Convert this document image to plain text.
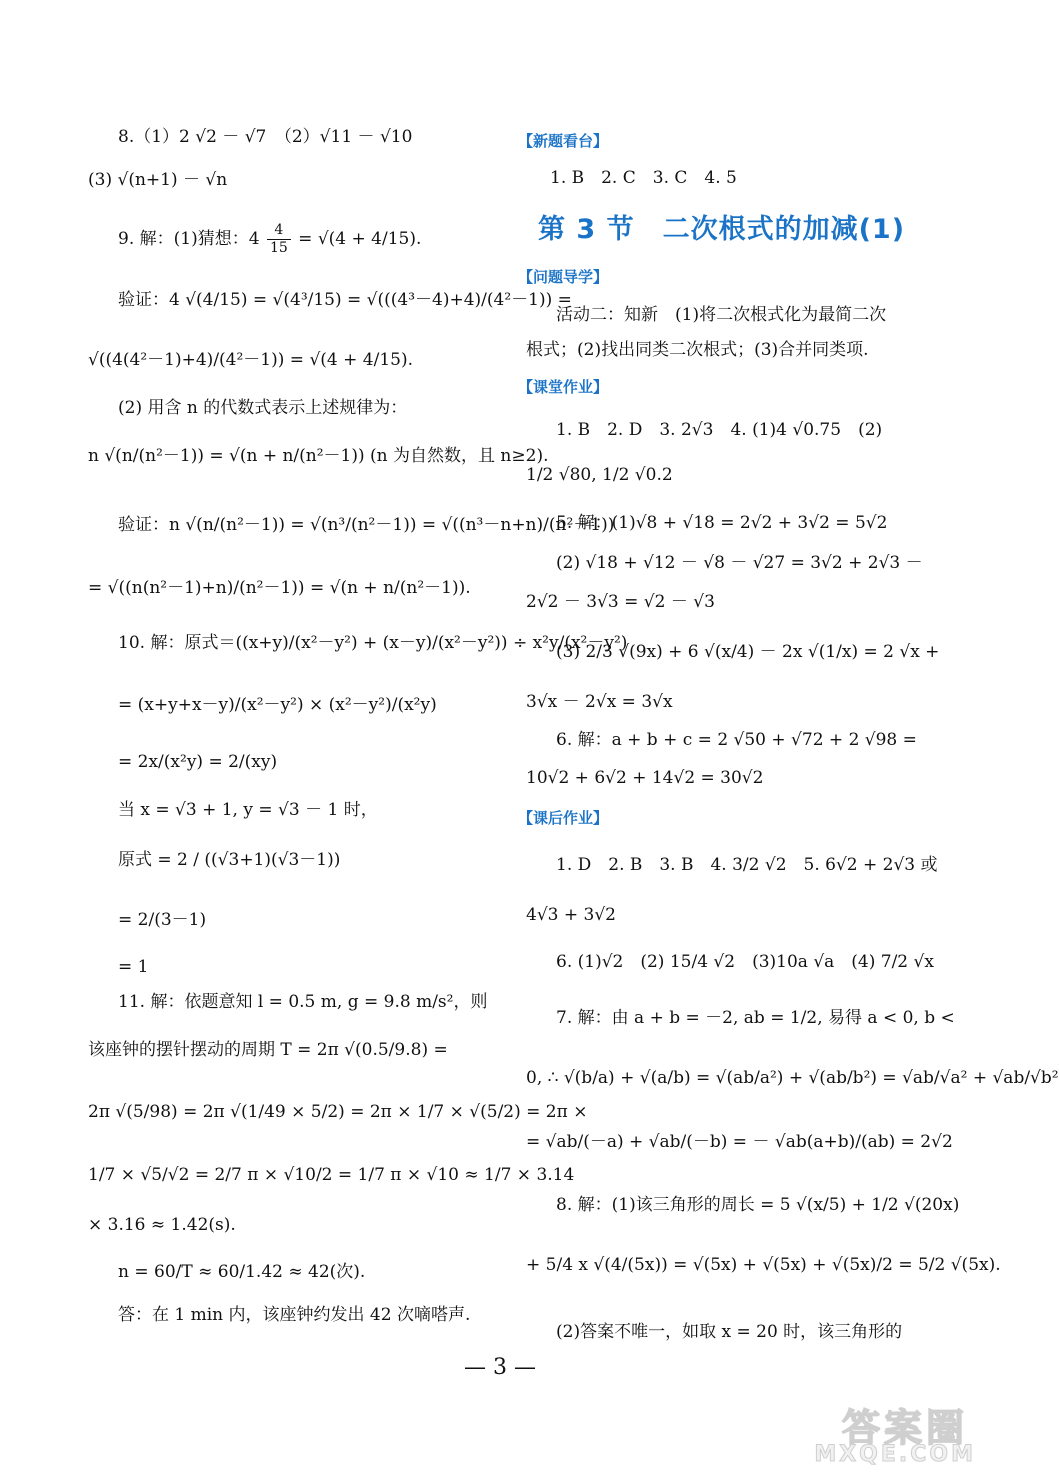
8.（1）2 √2 － √7　（2）√11 － √10
(3) √(n+1) － √n
9. 解：(1)猜想：$4 \frac{4}{15} = √(4 + 4/15)$.
验证：4 √(4/15) = √(4³/15) = √(((4³－4)+4)/(4²－1)) =
√((4(4²－1)+4)/(4²－1)) = √(4 + 4/15).
(2) 用含 n 的代数式表示上述规律为：
n √(n/(n²－1)) = √(n + n/(n²－1)) (n 为自然数，且 n≥2).
验证：n √(n/(n²－1)) = √(n³/(n²－1)) = √((n³－n+n)/(n²－1))
= √((n(n²－1)+n)/(n²－1)) = √(n + n/(n²－1)).
10. 解：原式＝((x+y)/(x²－y²) + (x－y)/(x²－y²)) ÷ x²y/(x²－y²)
= (x+y+x－y)/(x²－y²) × (x²－y²)/(x²y)
= 2x/(x²y) = 2/(xy)
当 x = √3 + 1, y = √3 － 1 时，
原式 = 2 / ((√3+1)(√3－1))
= 2/(3－1)
= 1
11. 解：依题意知 l = 0.5 m, g = 9.8 m/s²，则
该座钟的摆针摆动的周期 T = 2π √(0.5/9.8) =
2π √(5/98) = 2π √(1/49 × 5/2) = 2π × 1/7 × √(5/2) = 2π ×
1/7 × √5/√2 = 2/7 π × √10/2 = 1/7 π × √10 ≈ 1/7 × 3.14
× 3.16 ≈ 1.42(s).
n = 60/T ≈ 60/1.42 ≈ 42(次).
答：在 1 min 内，该座钟约发出 42 次嘀嗒声.
【新题看台】
1. B　2. C　3. C　4. 5
第 3 节　二次根式的加减(1)
【问题导学】
活动二：知新　(1)将二次根式化为最简二次
根式；(2)找出同类二次根式；(3)合并同类项.
【课堂作业】
1. B　2. D　3. 2√3　4. (1)4 √0.75　(2)
1/2 √80, 1/2 √0.2
5. 解：(1)√8 + √18 = 2√2 + 3√2 = 5√2
(2) √18 + √12 － √8 － √27 = 3√2 + 2√3 －
2√2 － 3√3 = √2 － √3
(3) 2/3 √(9x) + 6 √(x/4) － 2x √(1/x) = 2 √x +
3√x － 2√x = 3√x
6. 解：a + b + c = 2 √50 + √72 + 2 √98 =
10√2 + 6√2 + 14√2 = 30√2
【课后作业】
1. D　2. B　3. B　4. 3/2 √2　5. 6√2 + 2√3 或
4√3 + 3√2
6. (1)√2　(2) 15/4 √2　(3)10a √a　(4) 7/2 √x
7. 解：由 a + b = －2, ab = 1/2, 易得 a < 0, b <
0, ∴ √(b/a) + √(a/b) = √(ab/a²) + √(ab/b²) = √ab/√a² + √ab/√b²
= √ab/(－a) + √ab/(－b) = － √ab(a+b)/(ab) = 2√2
8. 解：(1)该三角形的周长 = 5 √(x/5) + 1/2 √(20x)
+ 5/4 x √(4/(5x)) = √(5x) + √(5x) + √(5x)/2 = 5/2 √(5x).
(2)答案不唯一，如取 x = 20 时，该三角形的
— 3 —
答案圈
MXQE.COM
